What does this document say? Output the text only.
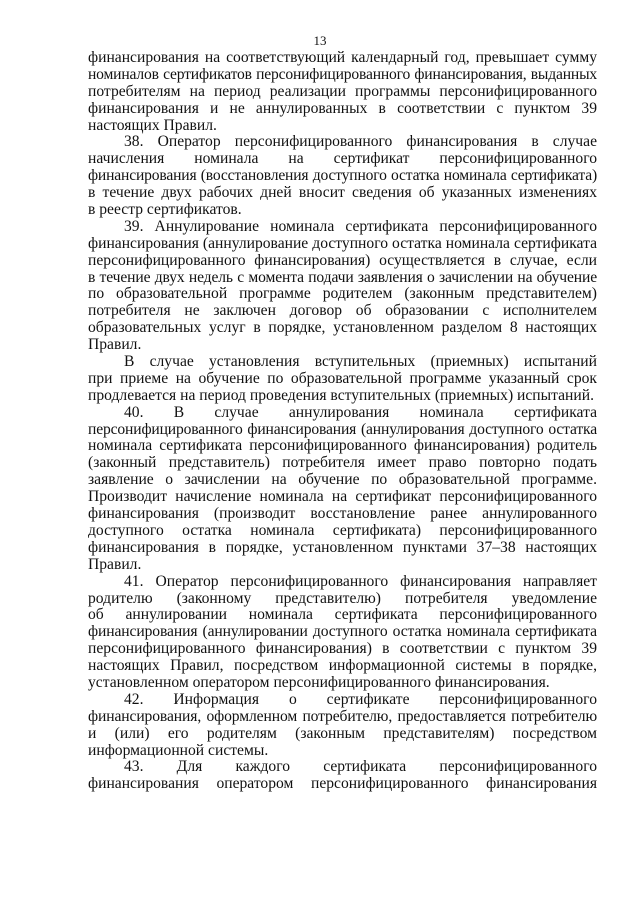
13
финансирования на соответствующий календарный год, превышает сумму
номиналов сертификатов персонифицированного финансирования, выданных
потребителям на период реализации программы персонифицированного
финансирования и не аннулированных в соответствии с пунктом 39
настоящих Правил.
38. Оператор персонифицированного финансирования в случае
начисления номинала на сертификат персонифицированного
финансирования (восстановления доступного остатка номинала сертификата)
в течение двух рабочих дней вносит сведения об указанных изменениях
в реестр сертификатов.
39. Аннулирование номинала сертификата персонифицированного
финансирования (аннулирование доступного остатка номинала сертификата
персонифицированного финансирования) осуществляется в случае, если
в течение двух недель с момента подачи заявления о зачислении на обучение
по образовательной программе родителем (законным представителем)
потребителя не заключен договор об образовании с исполнителем
образовательных услуг в порядке, установленном разделом 8 настоящих
Правил.
В случае установления вступительных (приемных) испытаний
при приеме на обучение по образовательной программе указанный срок
продлевается на период проведения вступительных (приемных) испытаний.
40. В случае аннулирования номинала сертификата
персонифицированного финансирования (аннулирования доступного остатка
номинала сертификата персонифицированного финансирования) родитель
(законный представитель) потребителя имеет право повторно подать
заявление о зачислении на обучение по образовательной программе.
Производит начисление номинала на сертификат персонифицированного
финансирования (производит восстановление ранее аннулированного
доступного остатка номинала сертификата) персонифицированного
финансирования в порядке, установленном пунктами 37–38 настоящих
Правил.
41. Оператор персонифицированного финансирования направляет
родителю (законному представителю) потребителя уведомление
об аннулировании номинала сертификата персонифицированного
финансирования (аннулировании доступного остатка номинала сертификата
персонифицированного финансирования) в соответствии с пунктом 39
настоящих Правил, посредством информационной системы в порядке,
установленном оператором персонифицированного финансирования.
42. Информация о сертификате персонифицированного
финансирования, оформленном потребителю, предоставляется потребителю
и (или) его родителям (законным представителям) посредством
информационной системы.
43. Для каждого сертификата персонифицированного
финансирования оператором персонифицированного финансирования
